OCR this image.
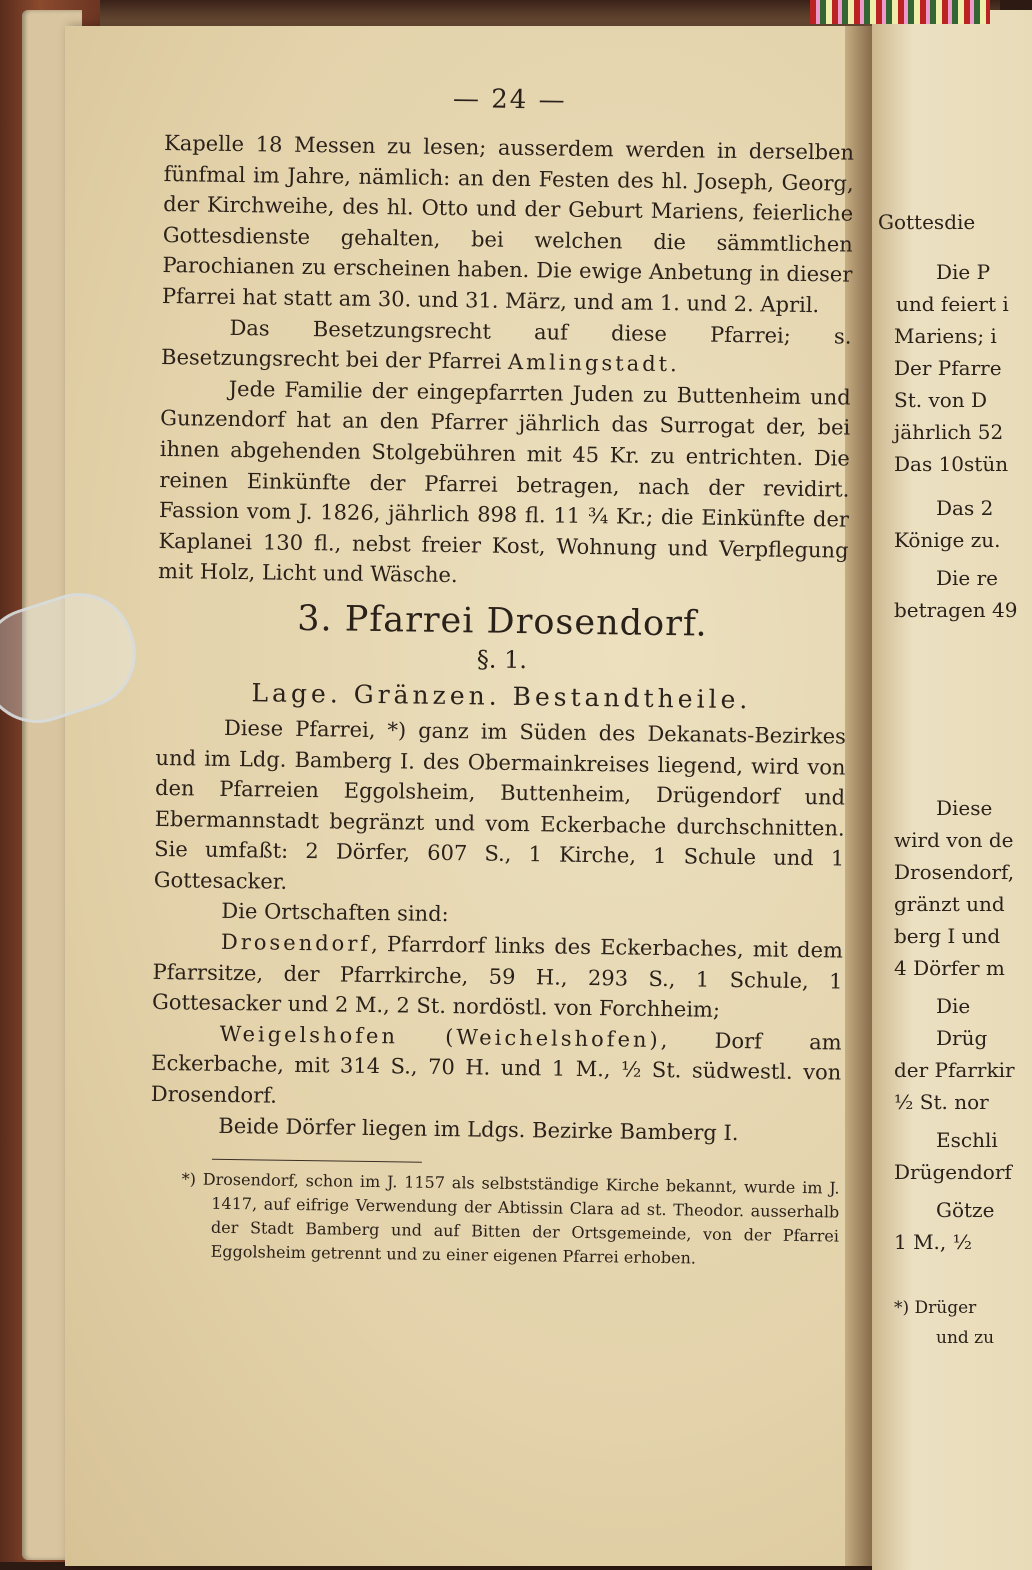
— 24 —

Kapelle 18 Messen zu lesen; ausserdem werden in derselben fünfmal im Jahre, nämlich: an den Festen des hl. Joseph, Georg, der Kirchweihe, des hl. Otto und der Geburt Mariens, feierliche Gottesdienste gehalten, bei welchen die sämmtlichen Parochianen zu erscheinen haben. Die ewige Anbetung in dieser Pfarrei hat statt am 30. und 31. März, und am 1. und 2. April.

Das Besetzungsrecht auf diese Pfarrei; s. Besetzungsrecht bei der Pfarrei Amlingstadt.

Jede Familie der eingepfarrten Juden zu Buttenheim und Gunzendorf hat an den Pfarrer jährlich das Surrogat der, bei ihnen abgehenden Stolgebühren mit 45 Kr. zu entrichten. Die reinen Einkünfte der Pfarrei betragen, nach der revidirt. Fassion vom J. 1826, jährlich 898 fl. 11 ¾ Kr.; die Einkünfte der Kaplanei 130 fl., nebst freier Kost, Wohnung und Verpflegung mit Holz, Licht und Wäsche.

3. Pfarrei Drosendorf.
§. 1.
Lage. Gränzen. Bestandtheile.

Diese Pfarrei, *) ganz im Süden des Dekanats-Bezirkes und im Ldg. Bamberg I. des Obermainkreises liegend, wird von den Pfarreien Eggolsheim, Buttenheim, Drügendorf und Ebermannstadt begränzt und vom Eckerbache durchschnitten. Sie umfaßt: 2 Dörfer, 607 S., 1 Kirche, 1 Schule und 1 Gottesacker.

Die Ortschaften sind:

Drosendorf, Pfarrdorf links des Eckerbaches, mit dem Pfarrsitze, der Pfarrkirche, 59 H., 293 S., 1 Schule, 1 Gottesacker und 2 M., 2 St. nordöstl. von Forchheim;

Weigelshofen (Weichelshofen), Dorf am Eckerbache, mit 314 S., 70 H. und 1 M., ½ St. südwestl. von Drosendorf.

Beide Dörfer liegen im Ldgs. Bezirke Bamberg I.

*) Drosendorf, schon im J. 1157 als selbstständige Kirche bekannt, wurde im J. 1417, auf eifrige Verwendung der Abtissin Clara ad st. Theodor. ausserhalb der Stadt Bamberg und auf Bitten der Ortsgemeinde, von der Pfarrei Eggolsheim getrennt und zu einer eigenen Pfarrei erhoben.

Gottesdie
Die P
und feiert i
Mariens; i
Der Pfarre
St. von D
jährlich 52
Das 10stün
Das 2
Könige zu.
Die re
betragen 49
Diese
wird von de
Drosendorf,
gränzt und
berg I und
4 Dörfer m
Die
Drüg
der Pfarrkir
½ St. nor
Eschli
Drügendorf
Götze
1 M., ½
*) Drüger
und zu
